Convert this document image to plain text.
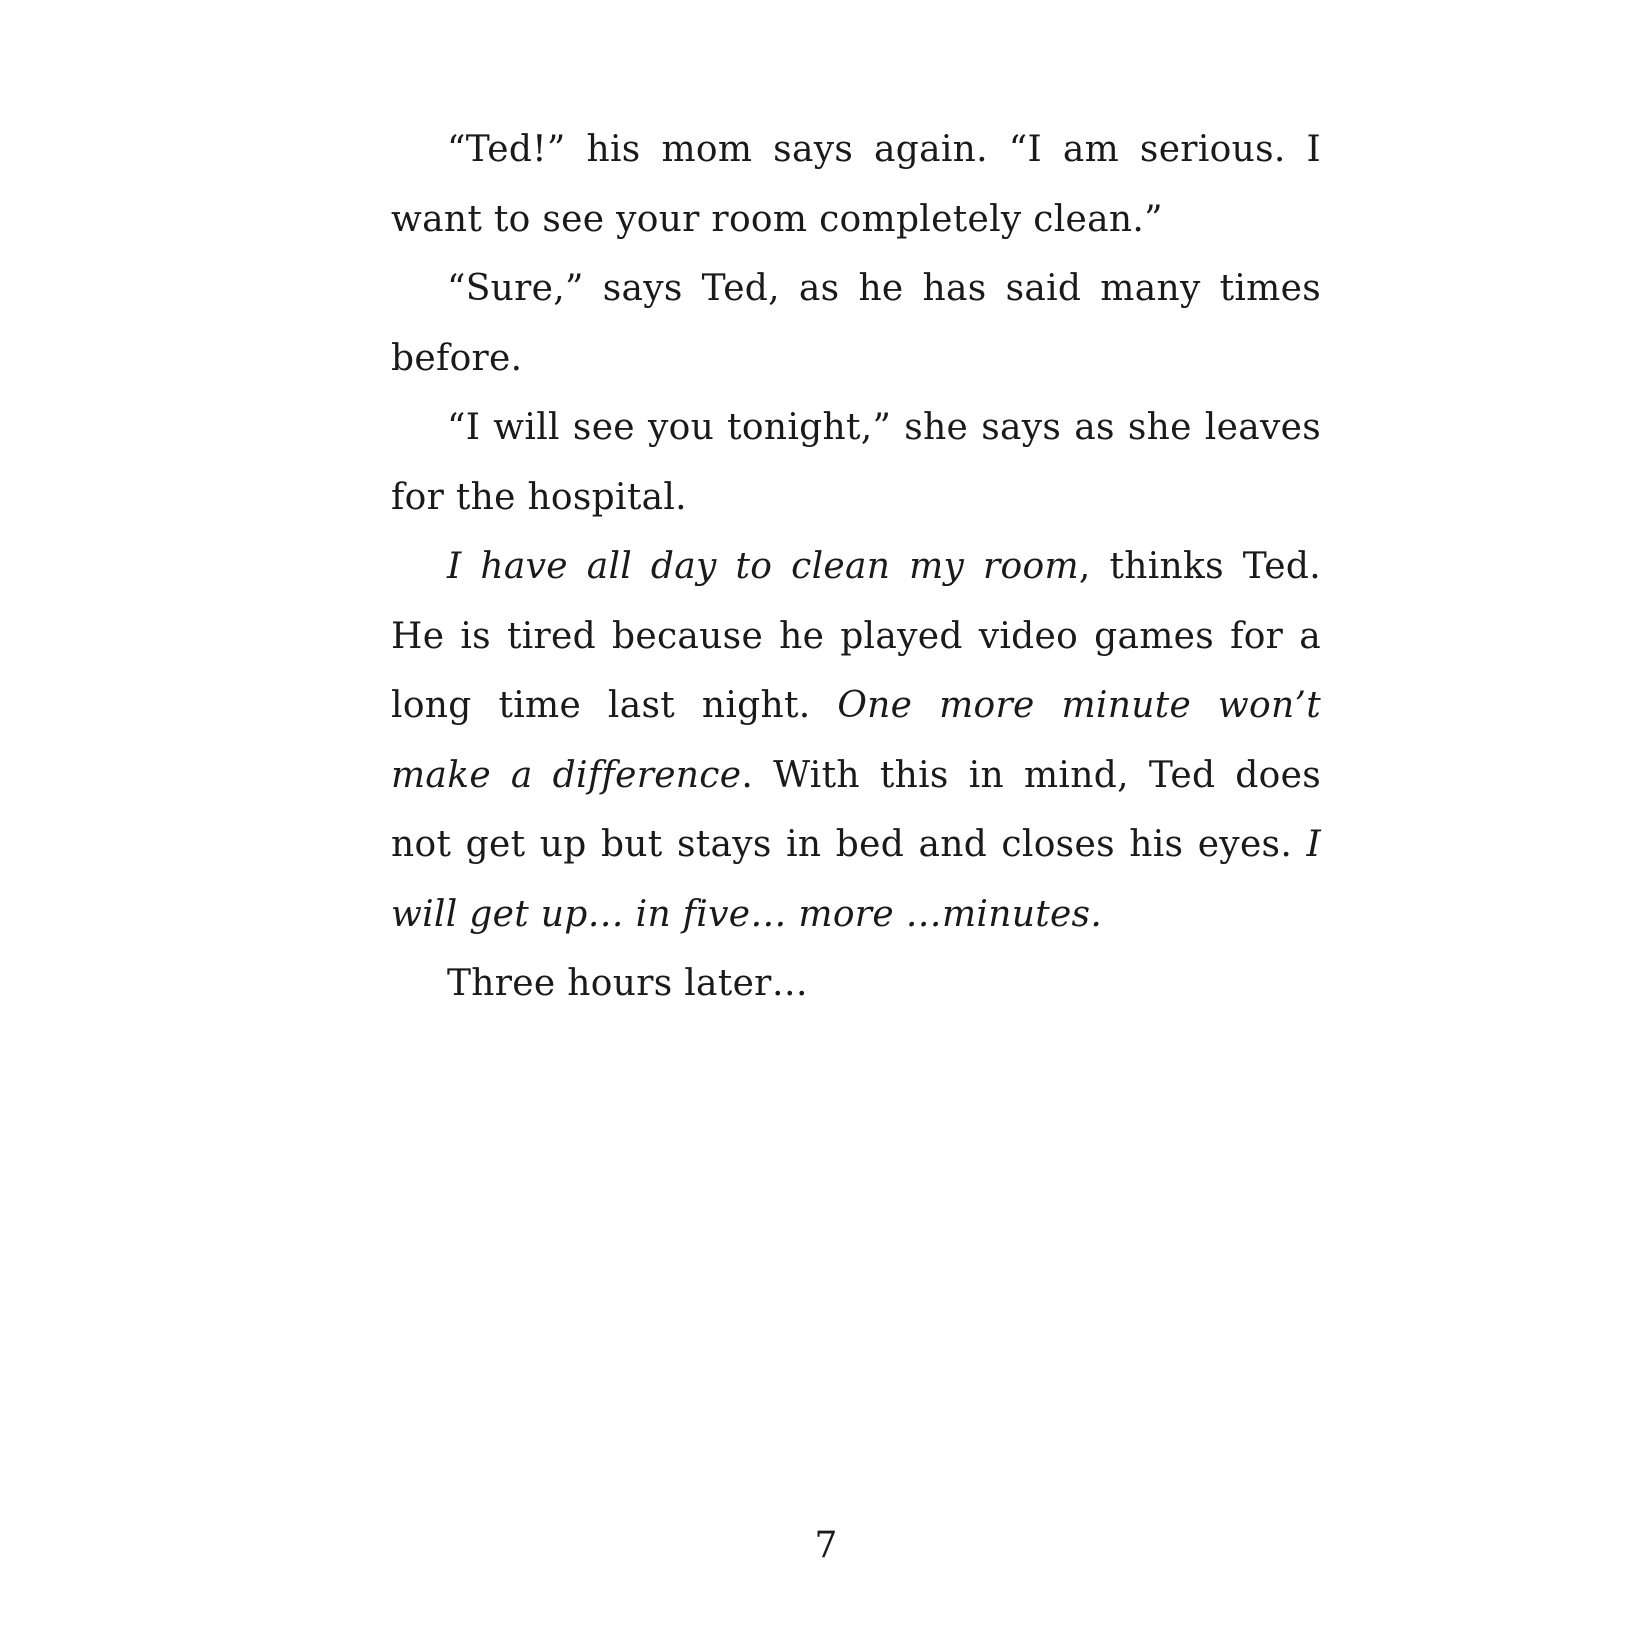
“Ted!” his mom says again. “I am serious. I want to see your room completely clean.”

“Sure,” says Ted, as he has said many times before.

“I will see you tonight,” she says as she leaves for the hospital.

I have all day to clean my room, thinks Ted. He is tired because he played video games for a long time last night. One more minute won’t make a difference. With this in mind, Ted does not get up but stays in bed and closes his eyes. I will get up… in five… more …minutes.

Three hours later…

7
